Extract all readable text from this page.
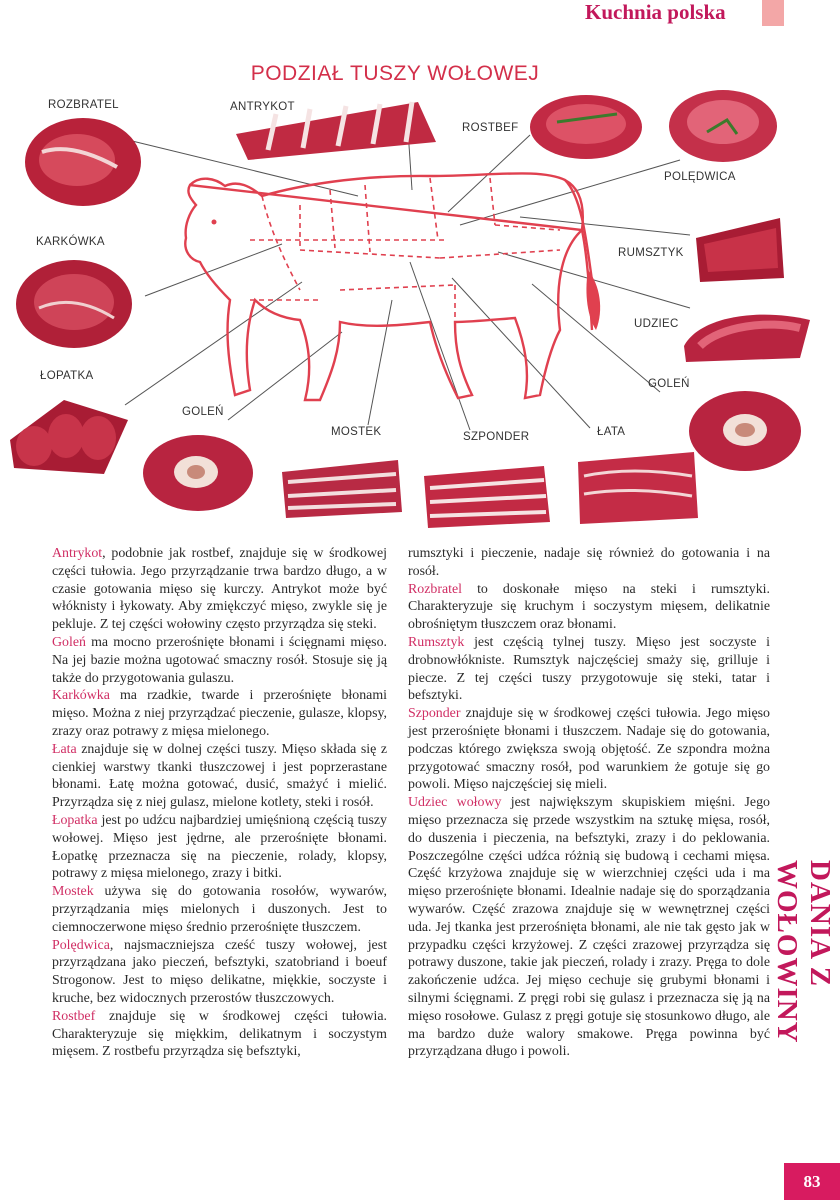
Kuchnia polska
PODZIAŁ TUSZY WOŁOWEJ
ROZBRATEL	ANTRYKOT
ROSTBEF
POLĘDWICA
KARKÓWKA
RUMSZTYK
UDZIEC
ŁOPATKA
GOLEŃ
GOLEŃ
MOSTEK	SZPONDER	ŁATA

Antrykot, podobnie jak rostbef, znajduje się w środkowej części tułowia. Jego przyrządzanie trwa bardzo długo, a w czasie gotowania mięso się kurczy. Antrykot może być włóknisty i łykowaty. Aby zmiękczyć mięso, zwykle się je pekluje. Z tej części wołowiny często przyrządza się steki.

Goleń ma mocno przerośnięte błonami i ścięgnami mięso. Na jej bazie można ugotować smaczny rosół. Stosuje się ją także do przygotowania gulaszu.

Karkówka ma rzadkie, twarde i przerośnięte błonami mięso. Można z niej przyrządzać pieczenie, gulasze, klopsy, zrazy oraz potrawy z mięsa mielonego.

Łata znajduje się w dolnej części tuszy. Mięso składa się z cienkiej warstwy tkanki tłuszczowej i jest poprzerastane błonami. Łatę można gotować, dusić, smażyć i mielić. Przyrządza się z niej gulasz, mielone kotlety, steki i rosół.

Łopatka jest po udźcu najbardziej umięśnioną częścią tuszy wołowej. Mięso jest jędrne, ale przerośnięte błonami. Łopatkę przeznacza się na pieczenie, rolady, klopsy, potrawy z mięsa mielonego, zrazy i bitki.

Mostek używa się do gotowania rosołów, wywarów, przyrządzania mięs mielonych i duszonych. Jest to ciemnoczerwone mięso średnio przerośnięte tłuszczem.

Polędwica, najsmaczniejsza cześć tuszy wołowej, jest przyrządzana jako pieczeń, befsztyki, szatobriand i boeuf Strogonow. Jest to mięso delikatne, miękkie, soczyste i kruche, bez widocznych przerostów tłuszczowych.

Rostbef znajduje się w środkowej części tułowia. Charakteryzuje się miękkim, delikatnym i soczystym mięsem. Z rostbefu przyrządza się befsztyki,

rumsztyki i pieczenie, nadaje się również do gotowania i na rosół.

Rozbratel to doskonałe mięso na steki i rumsztyki. Charakteryzuje się kruchym i soczystym mięsem, delikatnie obrośniętym tłuszczem oraz błonami.

Rumsztyk jest częścią tylnej tuszy. Mięso jest soczyste i drobnowłókniste. Rumsztyk najczęściej smaży się, grilluje i piecze. Z tej części tuszy przygotowuje się steki, tatar i befsztyki.

Szponder znajduje się w środkowej części tułowia. Jego mięso jest przerośnięte błonami i tłuszczem. Nadaje się do gotowania, podczas którego zwiększa swoją objętość. Ze szpondra można przygotować smaczny rosół, pod warunkiem że gotuje się go powoli. Mięso najczęściej się mieli.

Udziec wołowy jest największym skupiskiem mięśni. Jego mięso przeznacza się przede wszystkim na sztukę mięsa, rosół, do duszenia i pieczenia, na befsztyki, zrazy i do peklowania. Poszczególne części udźca różnią się budową i cechami mięsa. Część krzyżowa znajduje się w wierzchniej części uda i ma mięso przerośnięte błonami. Idealnie nadaje się do sporządzania wywarów. Część zrazowa znajduje się w wewnętrznej części uda. Jej tkanka jest przerośnięta błonami, ale nie tak gęsto jak w przypadku części krzyżowej. Z części zrazowej przyrządza się potrawy duszone, takie jak pieczeń, rolady i zrazy. Pręga to dole zakończenie udźca. Jej mięso cechuje się grubymi błonami i silnymi ścięgnami. Z pręgi robi się gulasz i przeznacza się ją na mięso rosołowe. Gulasz z pręgi gotuje się stosunkowo długo, ale ma bardzo duże walory smakowe. Pręga powinna być przyrządzana długo i powoli.

DANIA Z WOŁOWINY
83
